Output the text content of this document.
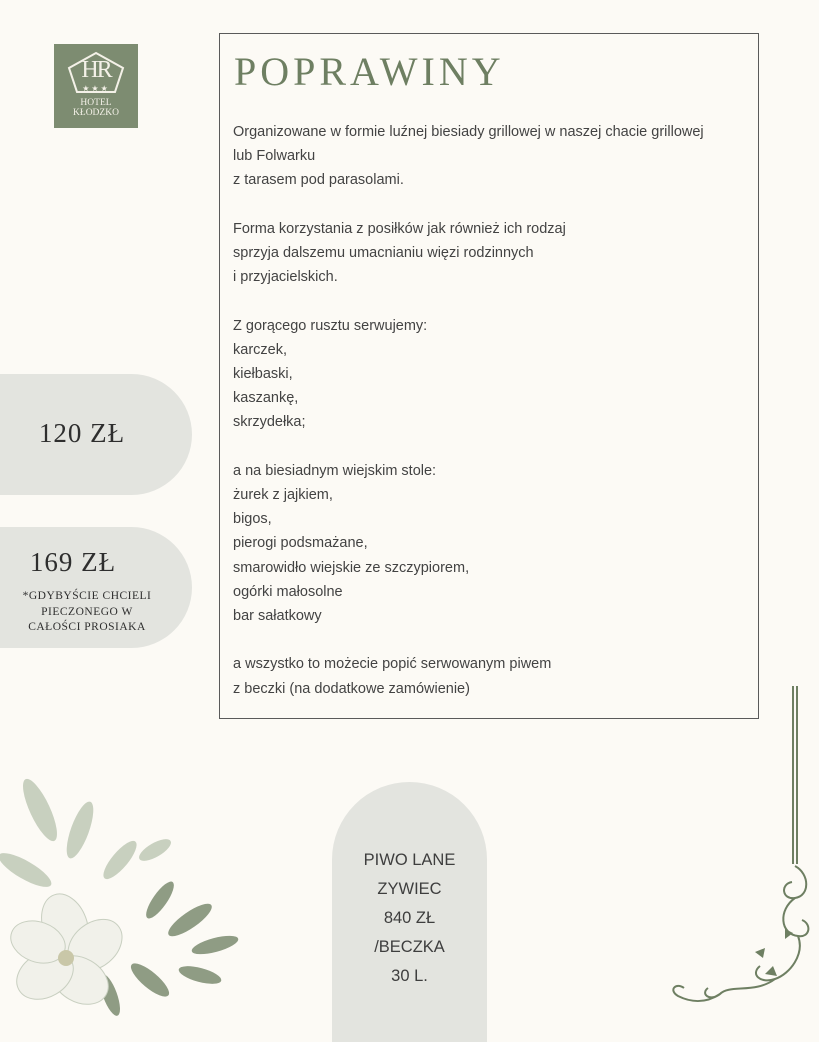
HR
★★★
HOTEL
KŁODZKO
POPRAWINY

Organizowane w formie luźnej biesiady grillowej w naszej chacie grillowej
lub Folwarku
z tarasem pod parasolami.

Forma korzystania z posiłków jak również ich rodzaj
sprzyja dalszemu umacnianiu więzi rodzinnych
i przyjacielskich.

Z gorącego rusztu serwujemy:
karczek,
kiełbaski,
kaszankę,
skrzydełka;

a na biesiadnym wiejskim stole:
żurek z jajkiem,
bigos,
pierogi podsmażane,
smarowidło wiejskie ze szczypiorem,
ogórki małosolne
bar sałatkowy

a wszystko to możecie popić serwowanym piwem
z beczki (na dodatkowe zamówienie)

120 ZŁ
169 ZŁ
*GDYBYŚCIE CHCIELI
PIECZONEGO W
CAŁOŚCI PROSIAKA
PIWO LANE
ZYWIEC
840 ZŁ
/BECZKA
30 L.
